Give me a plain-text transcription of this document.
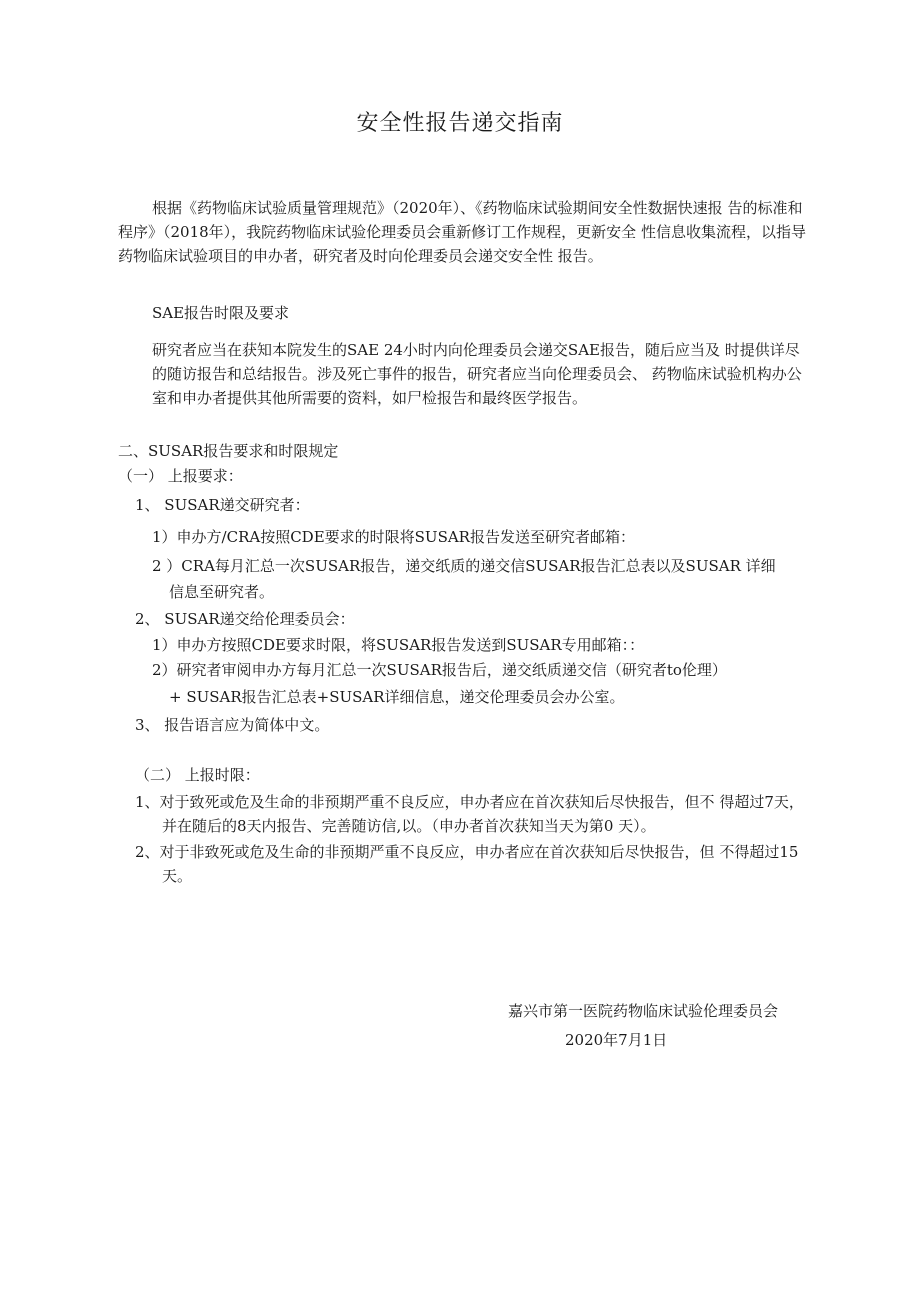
安全性报告递交指南

根据《药物临床试验质量管理规范》（2020年）、《药物临床试验期间安全性数据快速报 告的标准和程序》（2018年），我院药物临床试验伦理委员会重新修订工作规程，更新安全 性信息收集流程，以指导药物临床试验项目的申办者，研究者及时向伦理委员会递交安全性 报告。

SAE报告时限及要求

研究者应当在获知本院发生的SAE 24小时内向伦理委员会递交SAE报告，随后应当及 时提供详尽的随访报告和总结报告。涉及死亡事件的报告，研究者应当向伦理委员会、 药物临床试验机构办公室和申办者提供其他所需要的资料，如尸检报告和最终医学报告。

二、SUSAR报告要求和时限规定
（一） 上报要求：
1、 SUSAR递交研究者：
1）申办方/CRA按照CDE要求的时限将SUSAR报告发送至研究者邮箱：
2 ）CRA每月汇总一次SUSAR报告，递交纸质的递交信SUSAR报告汇总表以及SUSAR 详细
信息至研究者。
2、 SUSAR递交给伦理委员会：
1）申办方按照CDE要求时限，将SUSAR报告发送到SUSAR专用邮箱：：
2）研究者审阅申办方每月汇总一次SUSAR报告后，递交纸质递交信（研究者to伦理）
+ SUSAR报告汇总表+SUSAR详细信息，递交伦理委员会办公室。
3、 报告语言应为简体中文。
（二） 上报时限：

1、对于致死或危及生命的非预期严重不良反应，申办者应在首次获知后尽快报告，但不 得超过7天，并在随后的8天内报告、完善随访信,以。（申办者首次获知当天为第0 天）。

2、对于非致死或危及生命的非预期严重不良反应，申办者应在首次获知后尽快报告，但 不得超过15天。

嘉兴市第一医院药物临床试验伦理委员会
2020年7月1日
